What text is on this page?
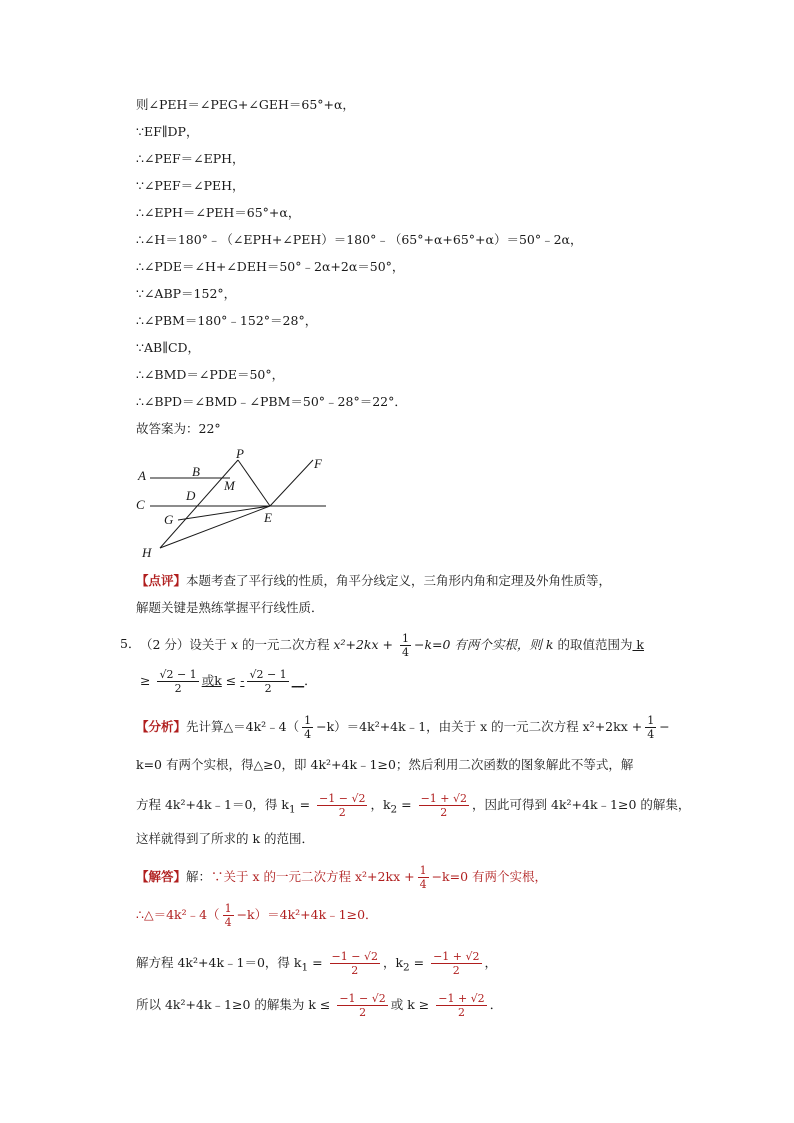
则∠PEH＝∠PEG+∠GEH＝65°+α，
∵EF∥DP，
∴∠PEF＝∠EPH，
∵∠PEF＝∠PEH，
∴∠EPH＝∠PEH＝65°+α，
∴∠H＝180°﹣（∠EPH+∠PEH）＝180°﹣（65°+α+65°+α）＝50°﹣2α，
∴∠PDE＝∠H+∠DEH＝50°﹣2α+2α＝50°，
∵∠ABP＝152°，
∴∠PBM＝180°﹣152°＝28°，
∵AB∥CD，
∴∠BMD＝∠PDE＝50°，
∴∠BPD＝∠BMD﹣∠PBM＝50°﹣28°＝22°．
故答案为：22°
A	B
P
F
M
D
C
G	E
H
【点评】本题考查了平行线的性质，角平分线定义，三角形内角和定理及外角性质等，
解题关键是熟练掌握平行线性质．
5． （2 分）设关于 x 的一元二次方程 $x^2+2kx + \frac{1}{4} -k=0$ 有两个实根，则 k 的取值范围为 k
≥ $\frac{√2 - 1}{2}$ 或k ≤ - $\frac{√2 - 1}{2}$ __．
【分析】先计算△＝4k²﹣4（ $\frac{1}{4}$ −k）＝4k²+4k﹣1，由关于 x 的一元二次方程 $x^2+2kx + \frac{1}{4}$ −
k=0 有两个实根，得△≥0，即 4k²+4k﹣1≥0；然后利用二次函数的图象解此不等式，解
方程 4k²+4k﹣1＝0，得 $k_1 = \frac{-1 - √2}{2}$ ，$k_2 = \frac{-1 + √2}{2}$ ，因此可得到 4k²+4k﹣1≥0 的解集，
这样就得到了所求的 k 的范围．
【解答】解：∵关于 x 的一元二次方程 $x^2+2kx + \frac{1}{4} -k=0$ 有两个实根，
∴△＝4k²﹣4（ $\frac{1}{4}$ −k）＝4k²+4k﹣1≥0．
解方程 4k²+4k﹣1＝0，得 $k_1 = \frac{-1 - √2}{2}$ ，$k_2 = \frac{-1 + √2}{2}$ ，
所以 4k²+4k﹣1≥0 的解集为 $k \le \frac{-1 - √2}{2}$ 或 $k \ge \frac{-1 + √2}{2}$ ．
